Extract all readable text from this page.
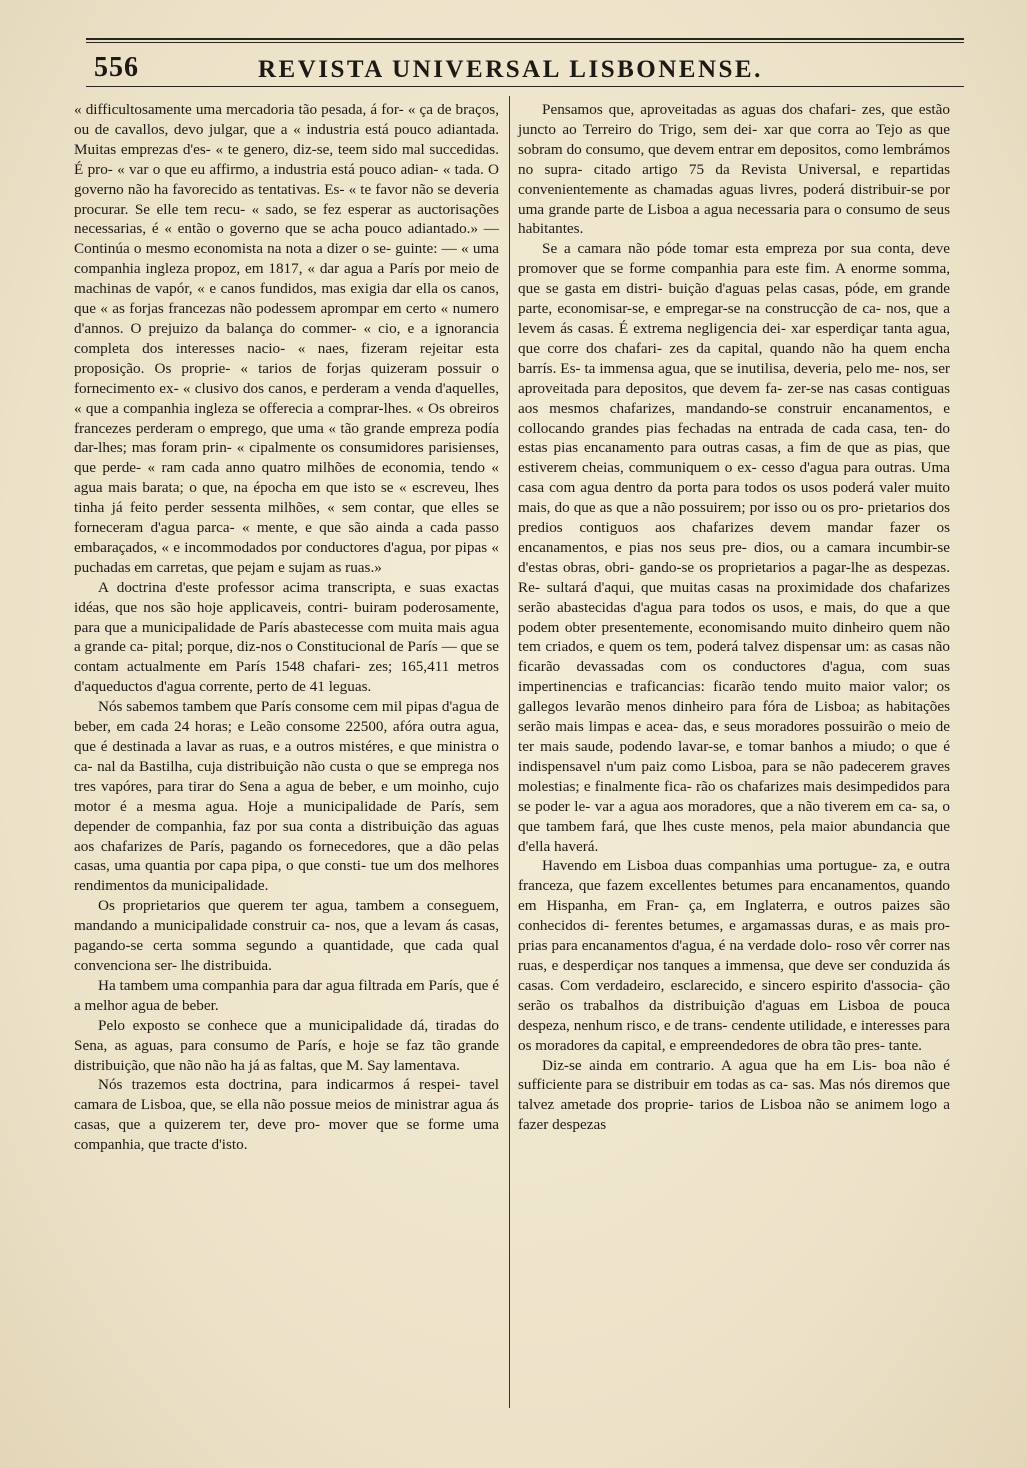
556	REVISTA UNIVERSAL LISBONENSE.

« difficultosamente uma mercadoria tão pesada, á for- « ça de braços, ou de cavallos, devo julgar, que a « industria está pouco adiantada. Muitas emprezas d'es- « te genero, diz-se, teem sido mal succedidas. É pro- « var o que eu affirmo, a industria está pouco adian- « tada. O governo não ha favorecido as tentativas. Es- « te favor não se deveria procurar. Se elle tem recu- « sado, se fez esperar as auctorisações necessarias, é « então o governo que se acha pouco adiantado.» — Continúa o mesmo economista na nota a dizer o se- guinte: — « uma companhia ingleza propoz, em 1817, « dar agua a París por meio de machinas de vapór, « e canos fundidos, mas exigia dar ella os canos, que « as forjas francezas não podessem aprompar em certo « numero d'annos. O prejuizo da balança do commer- « cio, e a ignorancia completa dos interesses nacio- « naes, fizeram rejeitar esta proposição. Os proprie- « tarios de forjas quizeram possuir o fornecimento ex- « clusivo dos canos, e perderam a venda d'aquelles, « que a companhia ingleza se offerecia a comprar-lhes. « Os obreiros francezes perderam o emprego, que uma « tão grande empreza podía dar-lhes; mas foram prin- « cipalmente os consumidores parisienses, que perde- « ram cada anno quatro milhões de economia, tendo « agua mais barata; o que, na épocha em que isto se « escreveu, lhes tinha já feito perder sessenta milhões, « sem contar, que elles se forneceram d'agua parca- « mente, e que são ainda a cada passo embaraçados, « e incommodados por conductores d'agua, por pipas « puchadas em carretas, que pejam e sujam as ruas.»

A doctrina d'este professor acima transcripta, e suas exactas idéas, que nos são hoje applicaveis, contri- buiram poderosamente, para que a municipalidade de París abastecesse com muita mais agua a grande ca- pital; porque, diz-nos o Constitucional de París — que se contam actualmente em París 1548 chafari- zes; 165,411 metros d'aqueductos d'agua corrente, perto de 41 leguas.

Nós sabemos tambem que París consome cem mil pipas d'agua de beber, em cada 24 horas; e Leão consome 22500, afóra outra agua, que é destinada a lavar as ruas, e a outros mistéres, e que ministra o ca- nal da Bastilha, cuja distribuição não custa o que se emprega nos tres vapóres, para tirar do Sena a agua de beber, e um moinho, cujo motor é a mesma agua. Hoje a municipalidade de París, sem depender de companhia, faz por sua conta a distribuição das aguas aos chafarizes de París, pagando os fornecedores, que a dão pelas casas, uma quantia por capa pipa, o que consti- tue um dos melhores rendimentos da municipalidade.

Os proprietarios que querem ter agua, tambem a conseguem, mandando a municipalidade construir ca- nos, que a levam ás casas, pagando-se certa somma segundo a quantidade, que cada qual convenciona ser- lhe distribuida.

Ha tambem uma companhia para dar agua filtrada em París, que é a melhor agua de beber.

Pelo exposto se conhece que a municipalidade dá, tiradas do Sena, as aguas, para consumo de París, e hoje se faz tão grande distribuição, que não não ha já as faltas, que M. Say lamentava.

Nós trazemos esta doctrina, para indicarmos á respei- tavel camara de Lisboa, que, se ella não possue meios de ministrar agua ás casas, que a quizerem ter, deve pro- mover que se forme uma companhia, que tracte d'isto.

Pensamos que, aproveitadas as aguas dos chafari- zes, que estão juncto ao Terreiro do Trigo, sem dei- xar que corra ao Tejo as que sobram do consumo, que devem entrar em depositos, como lembrámos no supra- citado artigo 75 da Revista Universal, e repartidas convenientemente as chamadas aguas livres, poderá distribuir-se por uma grande parte de Lisboa a agua necessaria para o consumo de seus habitantes.

Se a camara não póde tomar esta empreza por sua conta, deve promover que se forme companhia para este fim. A enorme somma, que se gasta em distri- buição d'aguas pelas casas, póde, em grande parte, economisar-se, e empregar-se na construcção de ca- nos, que a levem ás casas. É extrema negligencia dei- xar esperdiçar tanta agua, que corre dos chafari- zes da capital, quando não ha quem encha barrís. Es- ta immensa agua, que se inutilisa, deveria, pelo me- nos, ser aproveitada para depositos, que devem fa- zer-se nas casas contiguas aos mesmos chafarizes, mandando-se construir encanamentos, e collocando grandes pias fechadas na entrada de cada casa, ten- do estas pias encanamento para outras casas, a fim de que as pias, que estiverem cheias, communiquem o ex- cesso d'agua para outras. Uma casa com agua dentro da porta para todos os usos poderá valer muito mais, do que as que a não possuirem; por isso ou os pro- prietarios dos predios contiguos aos chafarizes devem mandar fazer os encanamentos, e pias nos seus pre- dios, ou a camara incumbir-se d'estas obras, obri- gando-se os proprietarios a pagar-lhe as despezas. Re- sultará d'aqui, que muitas casas na proximidade dos chafarizes serão abastecidas d'agua para todos os usos, e mais, do que a que podem obter presentemente, economisando muito dinheiro quem não tem criados, e quem os tem, poderá talvez dispensar um: as casas não ficarão devassadas com os conductores d'agua, com suas impertinencias e traficancias: ficarão tendo muito maior valor; os gallegos levarão menos dinheiro para fóra de Lisboa; as habitações serão mais limpas e acea- das, e seus moradores possuirão o meio de ter mais saude, podendo lavar-se, e tomar banhos a miudo; o que é indispensavel n'um paiz como Lisboa, para se não padecerem graves molestias; e finalmente fica- rão os chafarizes mais desimpedidos para se poder le- var a agua aos moradores, que a não tiverem em ca- sa, o que tambem fará, que lhes custe menos, pela maior abundancia que d'ella haverá.

Havendo em Lisboa duas companhias uma portugue- za, e outra franceza, que fazem excellentes betumes para encanamentos, quando em Hispanha, em Fran- ça, em Inglaterra, e outros paizes são conhecidos di- ferentes betumes, e argamassas duras, e as mais pro- prias para encanamentos d'agua, é na verdade dolo- roso vêr correr nas ruas, e desperdiçar nos tanques a immensa, que deve ser conduzida ás casas. Com verdadeiro, esclarecido, e sincero espirito d'associa- ção serão os trabalhos da distribuição d'aguas em Lisboa de pouca despeza, nenhum risco, e de trans- cendente utilidade, e interesses para os moradores da capital, e empreendedores de obra tão pres- tante.

Diz-se ainda em contrario. A agua que ha em Lis- boa não é sufficiente para se distribuir em todas as ca- sas. Mas nós diremos que talvez ametade dos proprie- tarios de Lisboa não se animem logo a fazer despezas
